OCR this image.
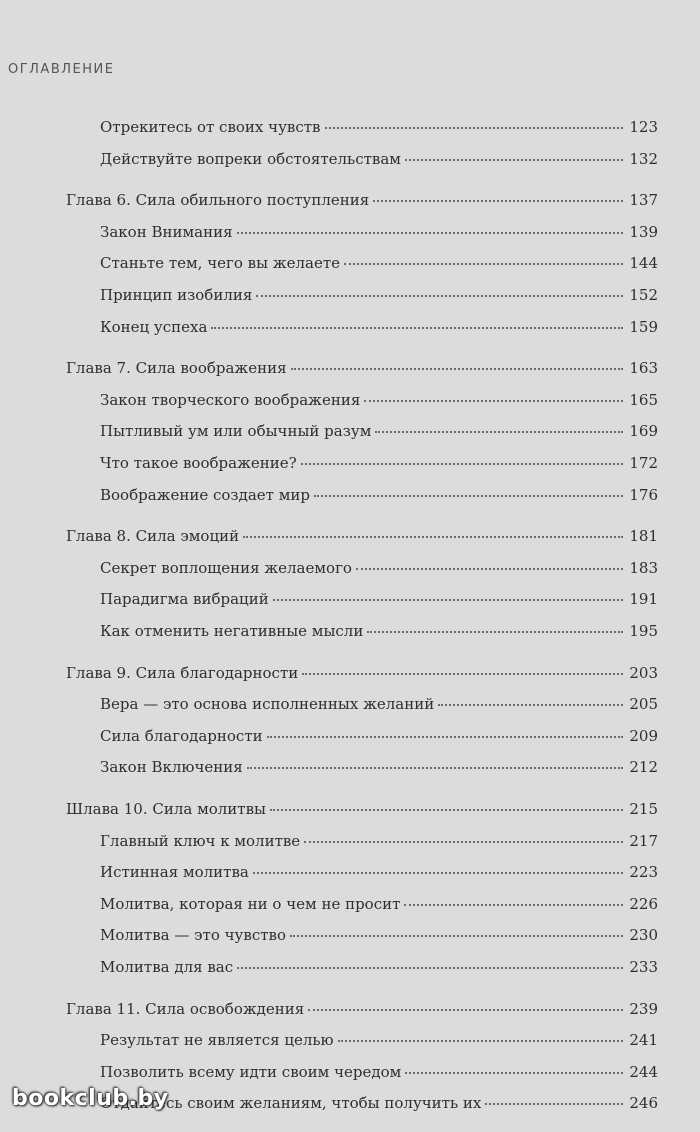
ОГЛАВЛЕНИЕ
Отрекитесь от своих чувств	123
Действуйте вопреки обстоятельствам	132
Глава 6. Сила обильного поступления	137
Закон Внимания	139
Станьте тем, чего вы желаете	144
Принцип изобилия	152
Конец успеха	159
Глава 7. Сила воображения	163
Закон творческого воображения	165
Пытливый ум или обычный разум	169
Что такое воображение?	172
Воображение создает мир	176
Глава 8. Сила эмоций	181
Секрет воплощения желаемого	183
Парадигма вибраций	191
Как отменить негативные мысли	195
Глава 9. Сила благодарности	203
Вера — это основа исполненных желаний	205
Сила благодарности	209
Закон Включения	212
Шлава 10. Сила молитвы	215
Главный ключ к молитве	217
Истинная молитва	223
Молитва, которая ни о чем не просит	226
Молитва — это чувство	230
Молитва для вас	233
Глава 11. Сила освобождения	239
Результат не является целью	241
Позволить всему идти своим чередом	244
Отдайтесь своим желаниям, чтобы получить их	246
bookclub.by
